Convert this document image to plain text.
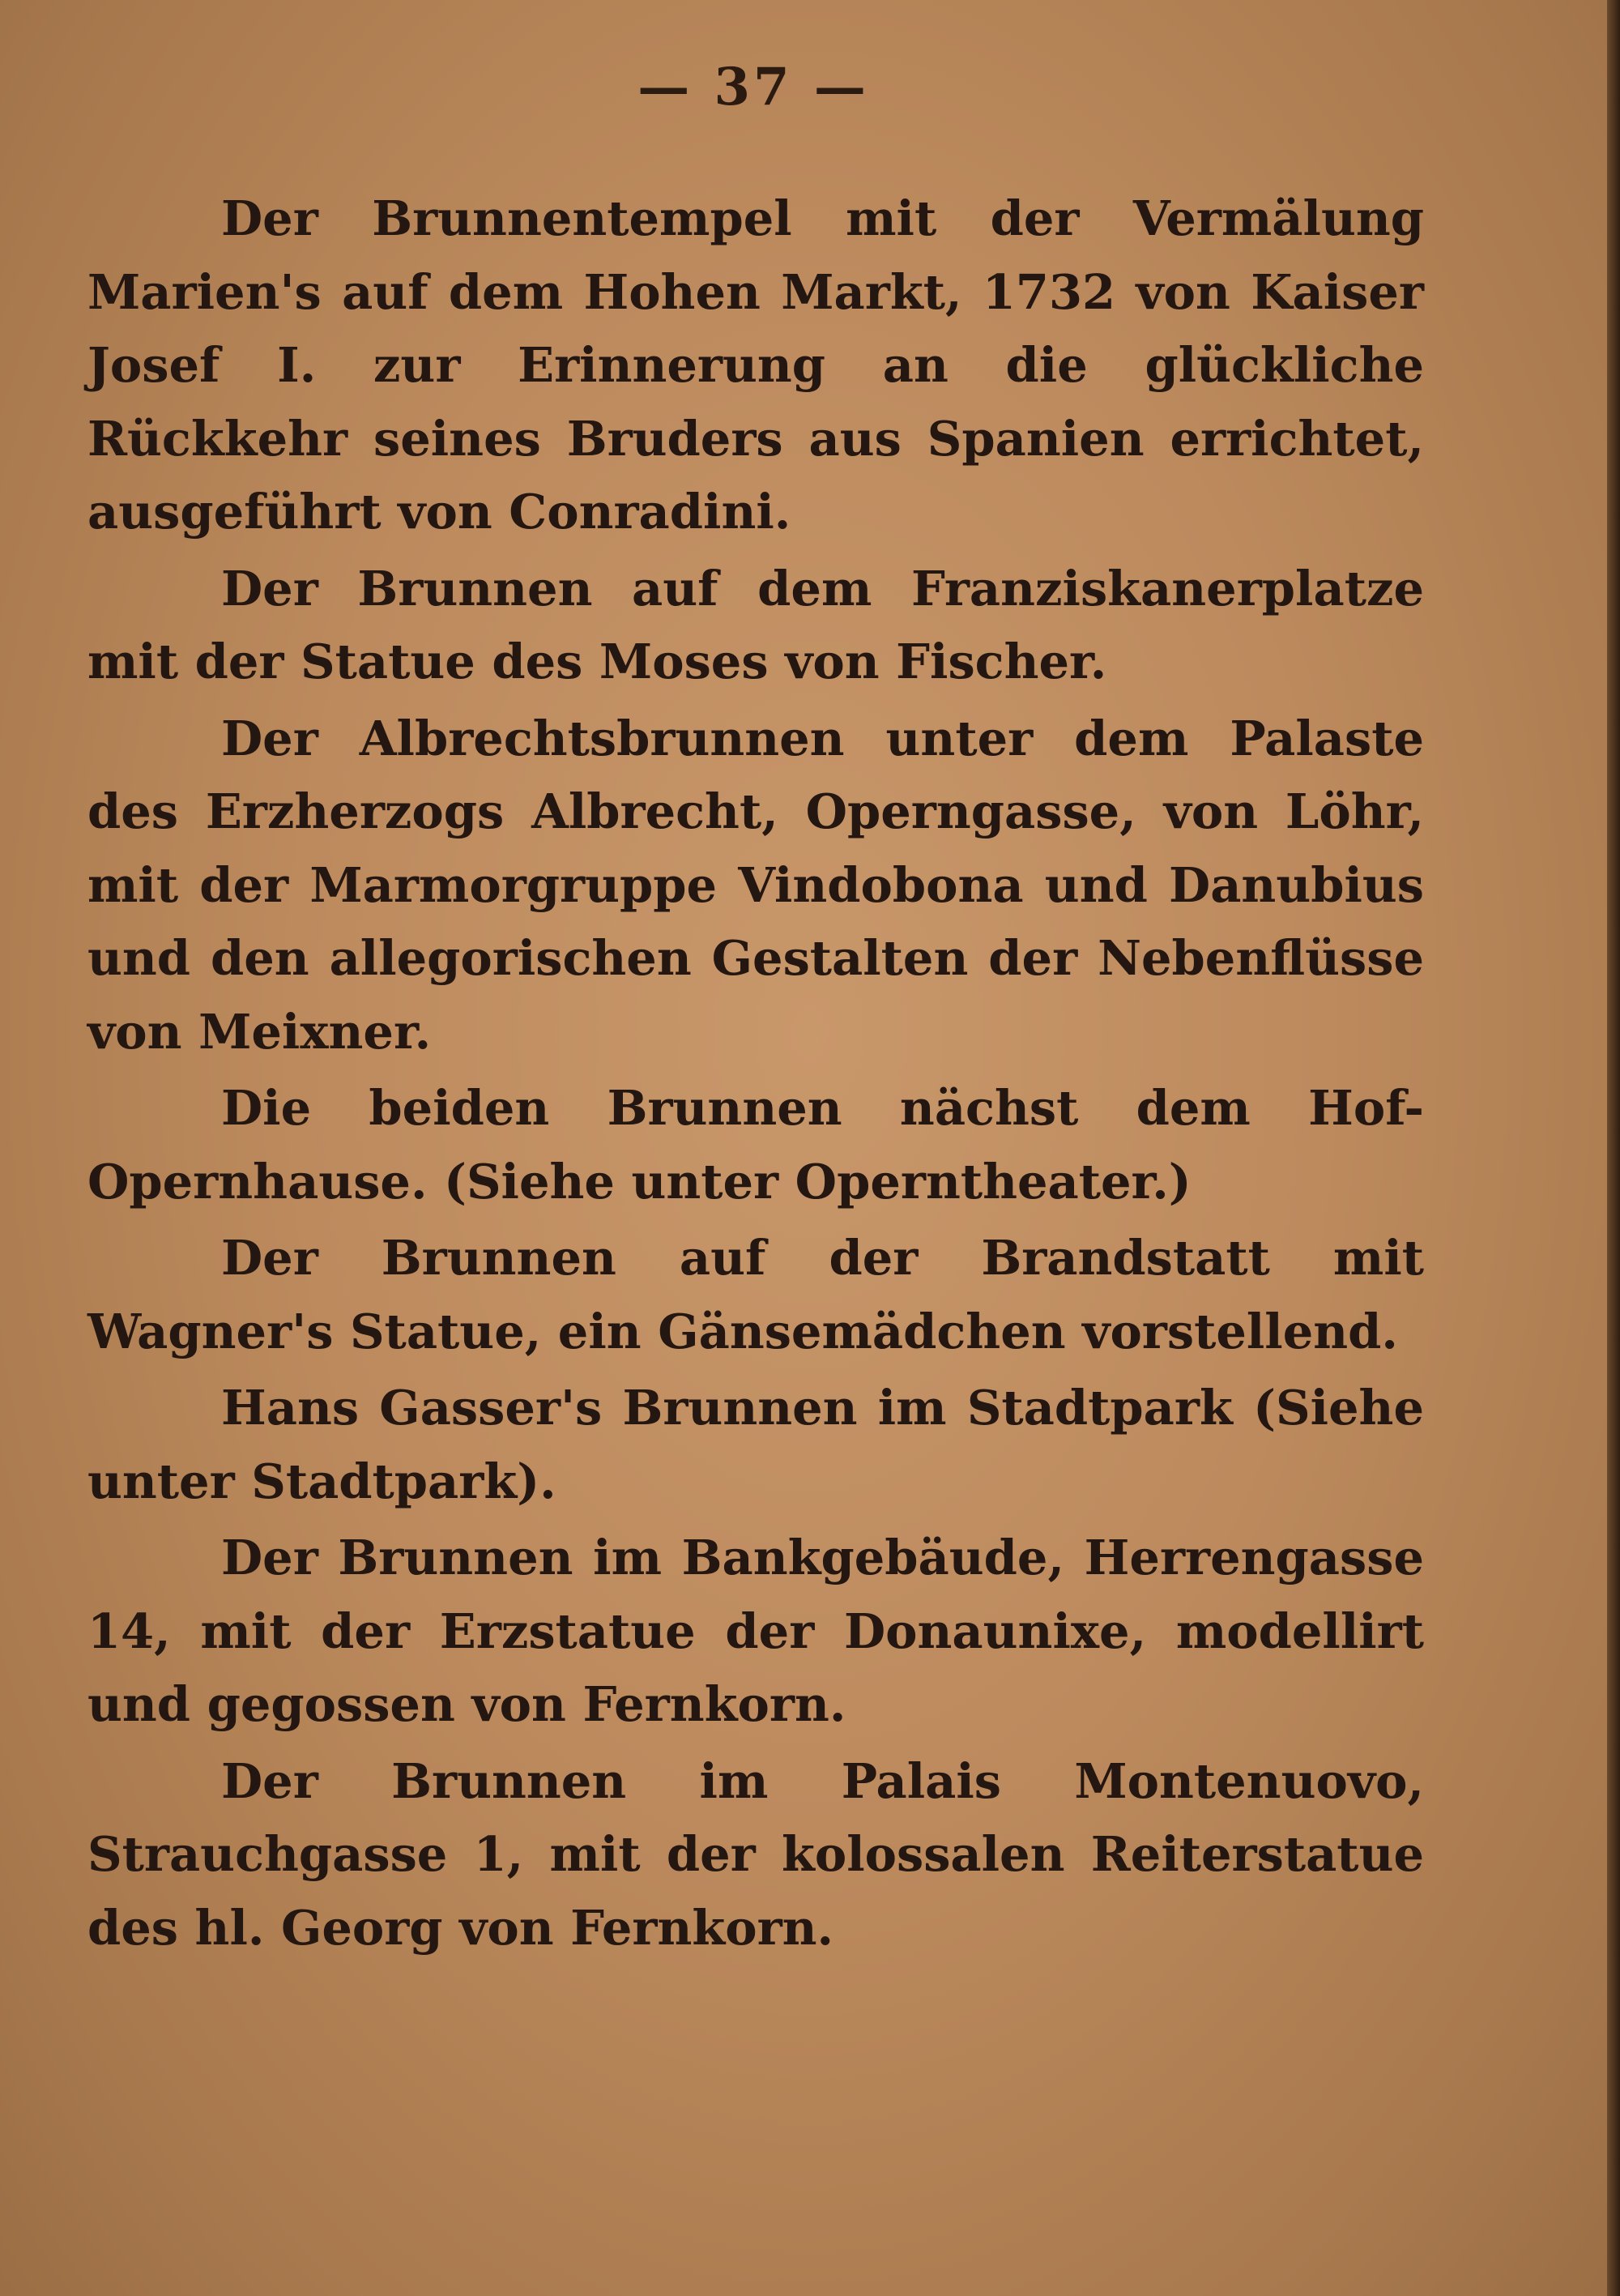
— 37 —

Der Brunnentempel mit der Vermälung Marien's auf dem Hohen Markt, 1732 von Kaiser Josef I. zur Erinnerung an die glückliche Rückkehr seines Bruders aus Spanien errichtet, ausgeführt von Conradini.

Der Brunnen auf dem Franziskanerplatze mit der Statue des Moses von Fischer.

Der Albrechtsbrunnen unter dem Palaste des Erzherzogs Albrecht, Operngasse, von Löhr, mit der Marmorgruppe Vindobona und Danubius und den allegorischen Gestalten der Nebenflüsse von Meixner.

Die beiden Brunnen nächst dem Hof-Opernhause. (Siehe unter Operntheater.)

Der Brunnen auf der Brandstatt mit Wagner's Statue, ein Gänsemädchen vorstellend.

Hans Gasser's Brunnen im Stadtpark (Siehe unter Stadtpark).

Der Brunnen im Bankgebäude, Herrengasse 14, mit der Erzstatue der Donaunixe, modellirt und gegossen von Fernkorn.

Der Brunnen im Palais Montenuovo, Strauchgasse 1, mit der kolossalen Reiterstatue des hl. Georg von Fernkorn.
